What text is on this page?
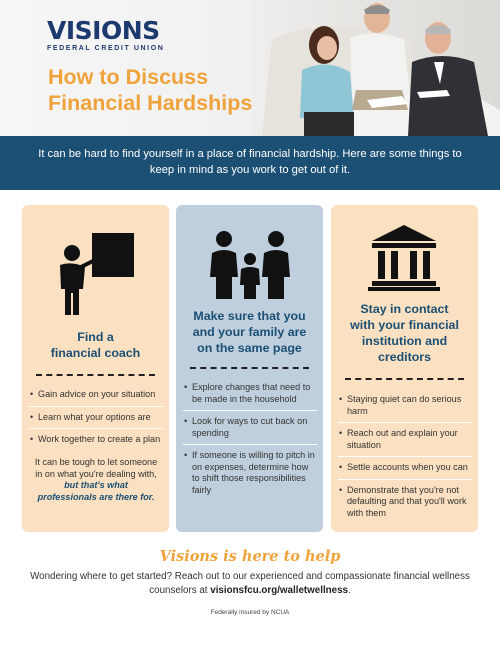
VISIONS
FEDERAL CREDIT UNION
How to Discuss
Financial Hardships
It can be hard to find yourself in a place of financial hardship. Here are some things to keep in mind as you work to get out of it.
Find a
financial coach
• Gain advice on your situation
• Learn what your options are
• Work together to create a plan
It can be tough to let someone in on what you're dealing with, but that's what professionals are there for.
Make sure that you
and your family are
on the same page
• Explore changes that need to be made in the household
• Look for ways to cut back on spending
• If someone is willing to pitch in on expenses, determine how to shift those responsibilities fairly
Stay in contact
with your financial
institution and
creditors
• Staying quiet can do serious harm
• Reach out and explain your situation
• Settle accounts when you can
• Demonstrate that you're not defaulting and that you'll work with them
Visions is here to help
Wondering where to get started? Reach out to our experienced and compassionate financial wellness counselors at visionsfcu.org/walletwellness.
Federally insured by NCUA
